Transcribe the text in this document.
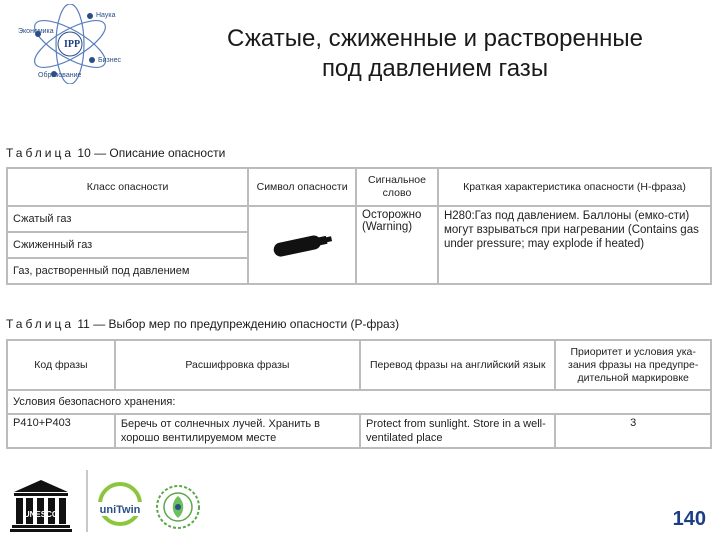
IPP
Наука
Бизнес
Экономика
Образование
Сжатые, сжиженные и растворенные
под давлением газы
Таблица 10 — Описание опасности
Класс опасности	Символ опасности	Сигнальное слово	Краткая характеристика опасности (Н-фраза)
Сжатый газ		Осторожно (Warning)	Н280:Газ под давлением. Баллоны (емко-сти) могут взрываться при нагревании (Contains gas under pressure; may explode if heated)
Сжиженный газ			
Газ, растворенный под давлением			
Таблица 11 — Выбор мер по предупреждению опасности (Р-фраз)
Код фразы	Расшифровка фразы	Перевод фразы на английский язык	Приоритет и условия ука-зания фразы на предупре-дительной маркировке
Условия безопасного хранения:			
Р410+Р403	Беречь от солнечных лучей. Хранить в хорошо вентилируемом месте	Protect from sunlight. Store in a well-ventilated place	3
UNESCO	uniTwin	140
